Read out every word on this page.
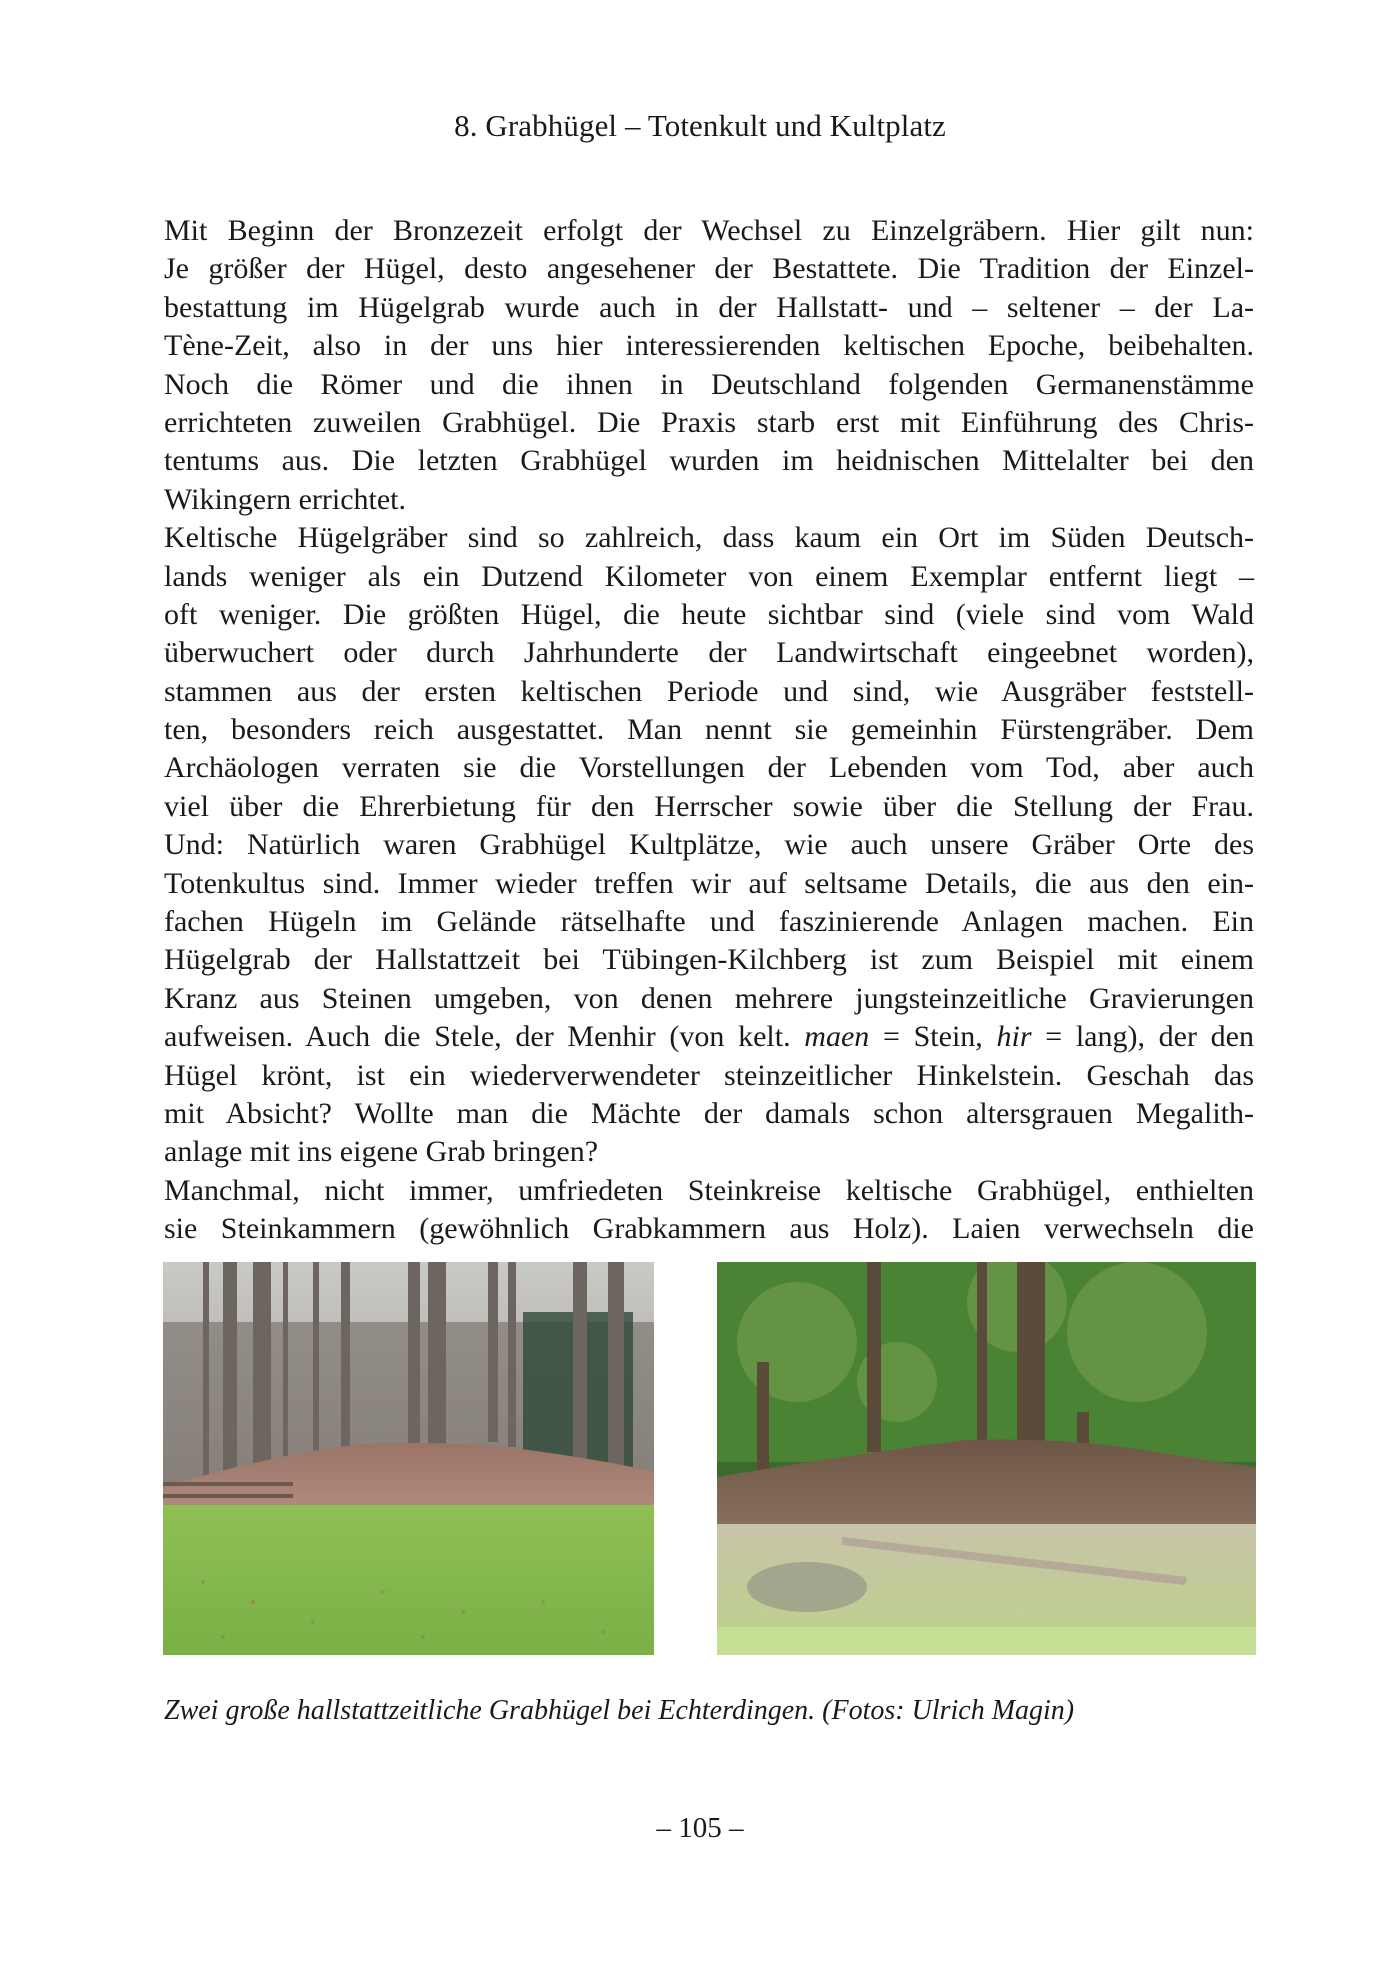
8. Grabhügel – Totenkult und Kultplatz
Mit Beginn der Bronzezeit erfolgt der Wechsel zu Einzelgräbern. Hier gilt nun:
Je größer der Hügel, desto angesehener der Bestattete. Die Tradition der Einzel-
bestattung im Hügelgrab wurde auch in der Hallstatt- und – seltener – der La-
Tène-Zeit, also in der uns hier interessierenden keltischen Epoche, beibehalten.
Noch die Römer und die ihnen in Deutschland folgenden Germanenstämme
errichteten zuweilen Grabhügel. Die Praxis starb erst mit Einführung des Chris-
tentums aus. Die letzten Grabhügel wurden im heidnischen Mittelalter bei den
Wikingern errichtet.
Keltische Hügelgräber sind so zahlreich, dass kaum ein Ort im Süden Deutsch-
lands weniger als ein Dutzend Kilometer von einem Exemplar entfernt liegt –
oft weniger. Die größten Hügel, die heute sichtbar sind (viele sind vom Wald
überwuchert oder durch Jahrhunderte der Landwirtschaft eingeebnet worden),
stammen aus der ersten keltischen Periode und sind, wie Ausgräber feststell-
ten, besonders reich ausgestattet. Man nennt sie gemeinhin Fürstengräber. Dem
Archäologen verraten sie die Vorstellungen der Lebenden vom Tod, aber auch
viel über die Ehrerbietung für den Herrscher sowie über die Stellung der Frau.
Und: Natürlich waren Grabhügel Kultplätze, wie auch unsere Gräber Orte des
Totenkultus sind. Immer wieder treffen wir auf seltsame Details, die aus den ein-
fachen Hügeln im Gelände rätselhafte und faszinierende Anlagen machen. Ein
Hügelgrab der Hallstattzeit bei Tübingen-Kilchberg ist zum Beispiel mit einem
Kranz aus Steinen umgeben, von denen mehrere jungsteinzeitliche Gravierungen
aufweisen. Auch die Stele, der Menhir (von kelt. maen = Stein, hir = lang), der den
Hügel krönt, ist ein wiederverwendeter steinzeitlicher Hinkelstein. Geschah das
mit Absicht? Wollte man die Mächte der damals schon altersgrauen Megalith-
anlage mit ins eigene Grab bringen?
Manchmal, nicht immer, umfriedeten Steinkreise keltische Grabhügel, enthielten
sie Steinkammern (gewöhnlich Grabkammern aus Holz). Laien verwechseln die
Zwei große hallstattzeitliche Grabhügel bei Echterdingen. (Fotos: Ulrich Magin)
– 105 –
